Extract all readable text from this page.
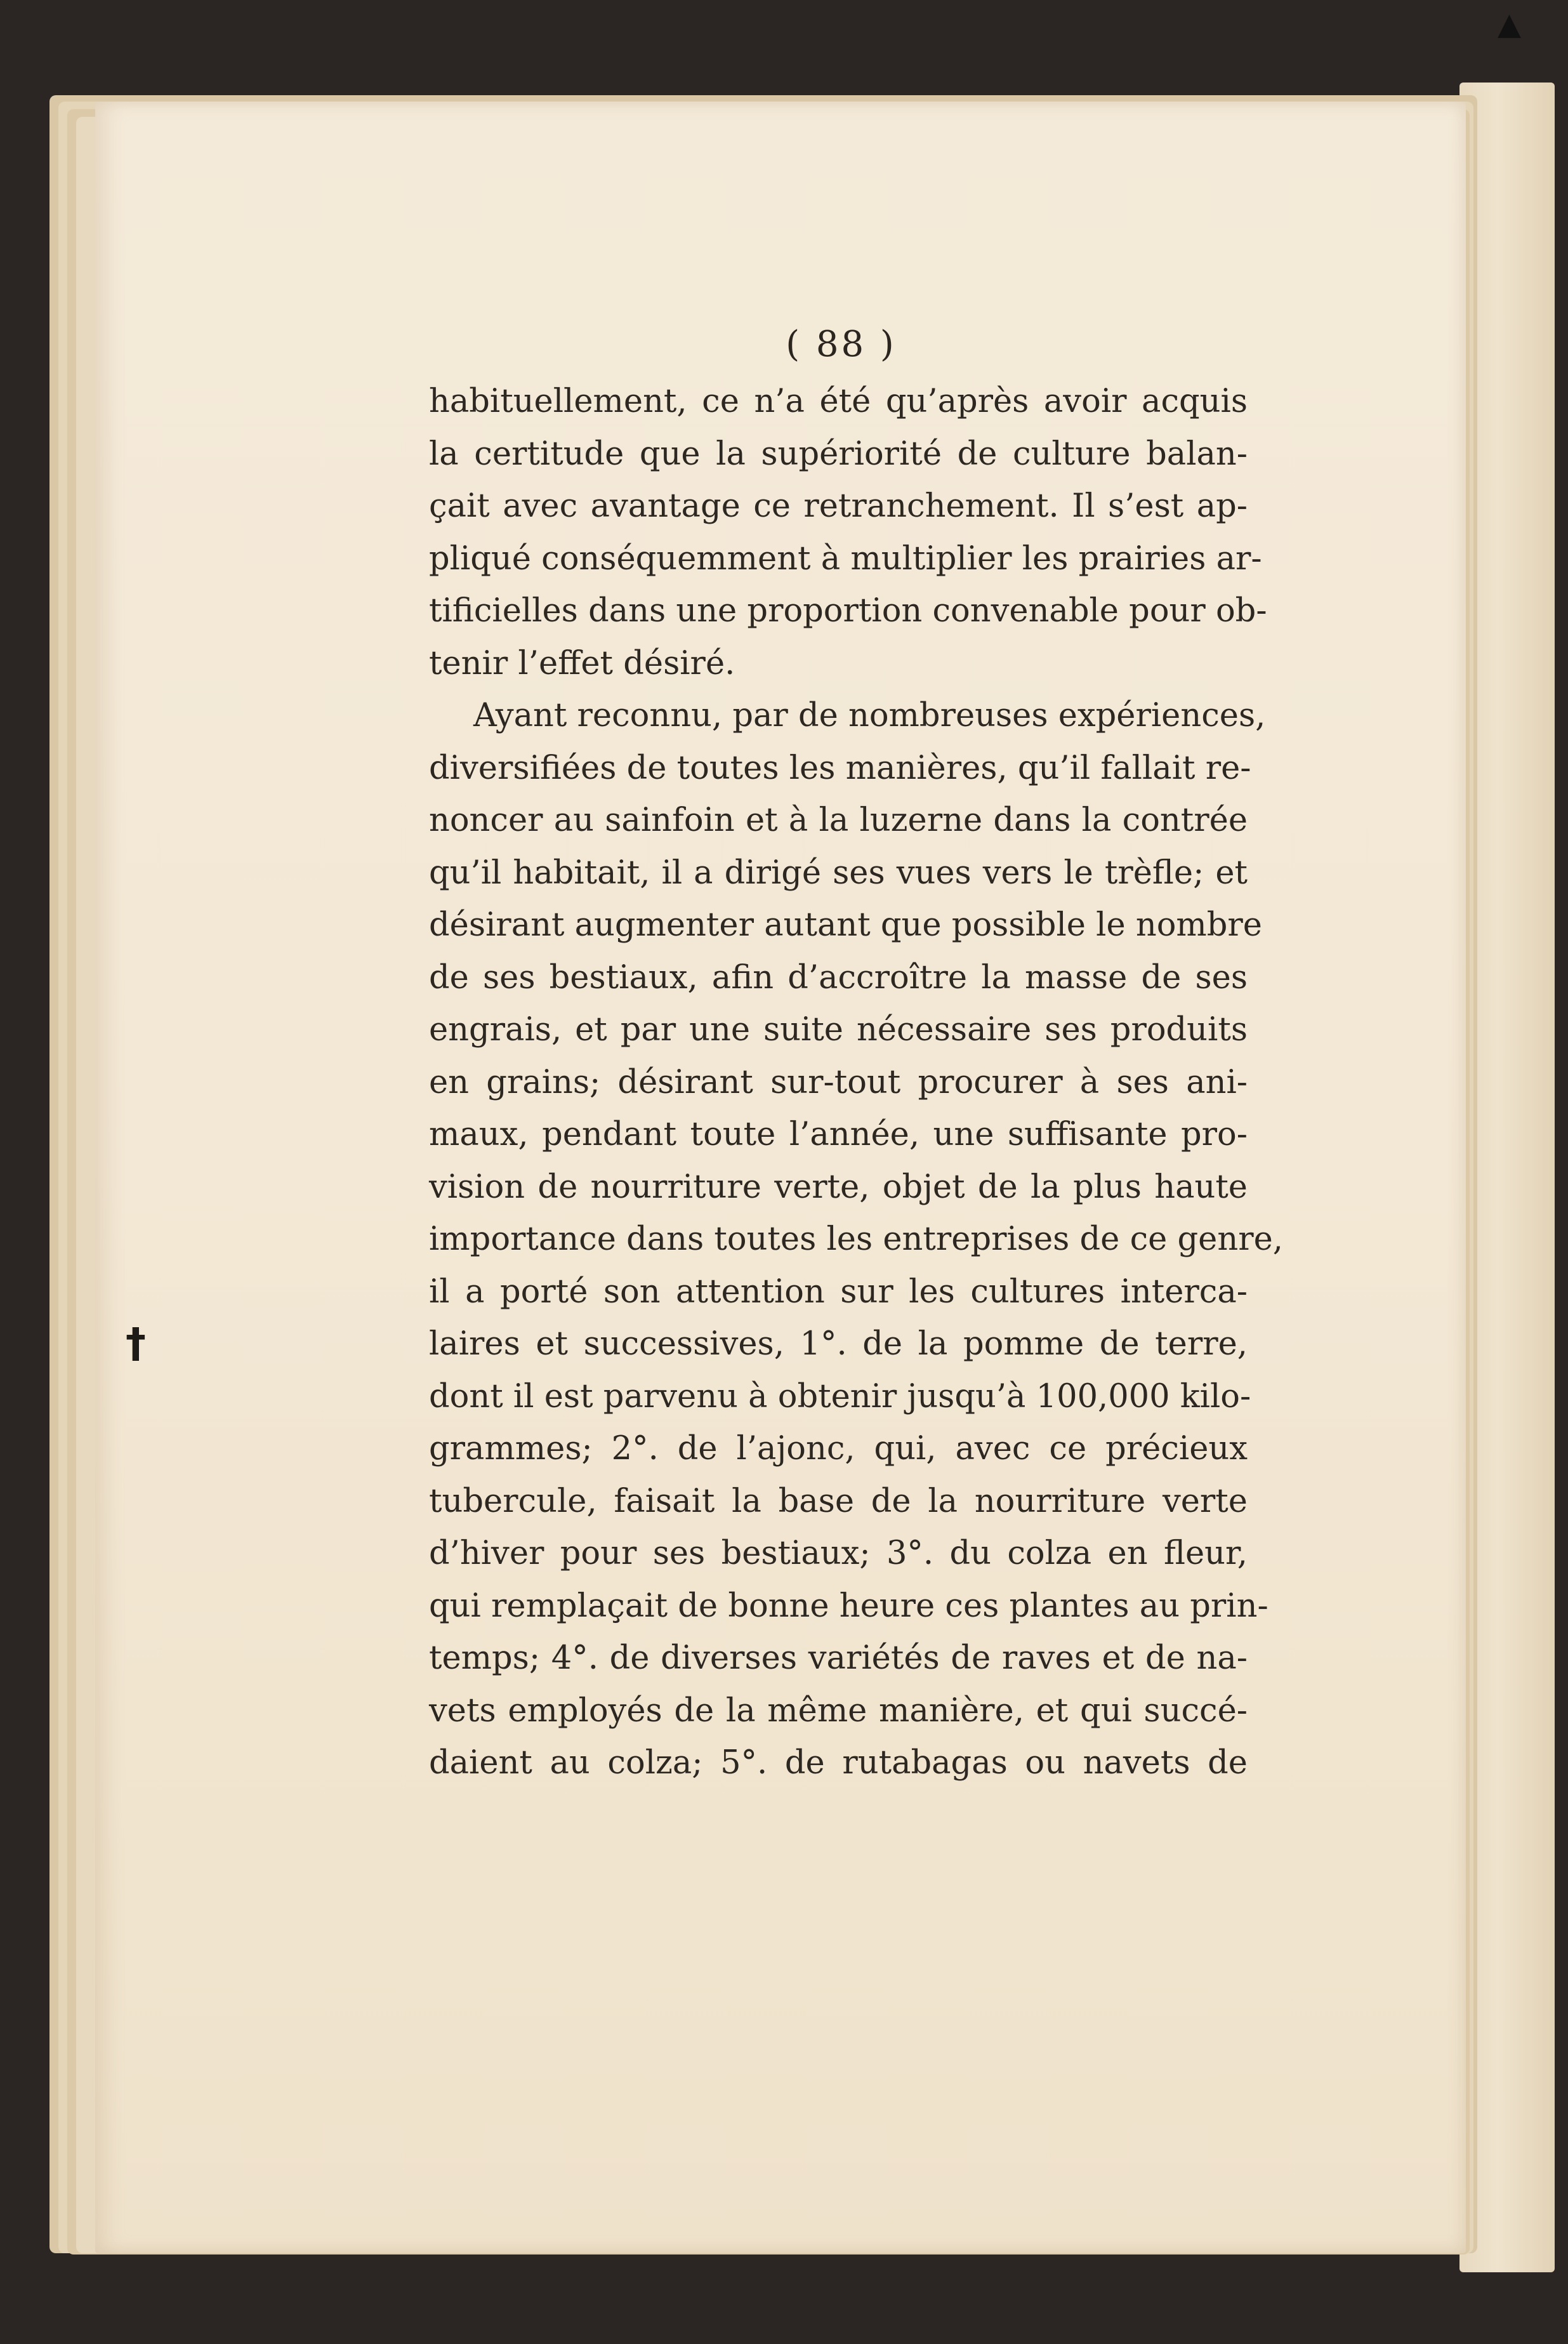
▲
( 88 )
†
habituellement, ce n’a été qu’après avoir acquis
la certitude que la supériorité de culture balan-
çait avec avantage ce retranchement. Il s’est ap-
pliqué conséquemment à multiplier les prairies ar-
tificielles dans une proportion convenable pour ob-
tenir l’effet désiré.
Ayant reconnu, par de nombreuses expériences,
diversifiées de toutes les manières, qu’il fallait re-
noncer au sainfoin et à la luzerne dans la contrée
qu’il habitait, il a dirigé ses vues vers le trèfle; et
désirant augmenter autant que possible le nombre
de ses bestiaux, afin d’accroître la masse de ses
engrais, et par une suite nécessaire ses produits
en grains; désirant sur-tout procurer à ses ani-
maux, pendant toute l’année, une suffisante pro-
vision de nourriture verte, objet de la plus haute
importance dans toutes les entreprises de ce genre,
il a porté son attention sur les cultures interca-
laires et successives, 1°. de la pomme de terre,
dont il est parvenu à obtenir jusqu’à 100,000 kilo-
grammes; 2°. de l’ajonc, qui, avec ce précieux
tubercule, faisait la base de la nourriture verte
d’hiver pour ses bestiaux; 3°. du colza en fleur,
qui remplaçait de bonne heure ces plantes au prin-
temps; 4°. de diverses variétés de raves et de na-
vets employés de la même manière, et qui succé-
daient au colza; 5°. de rutabagas ou navets de
